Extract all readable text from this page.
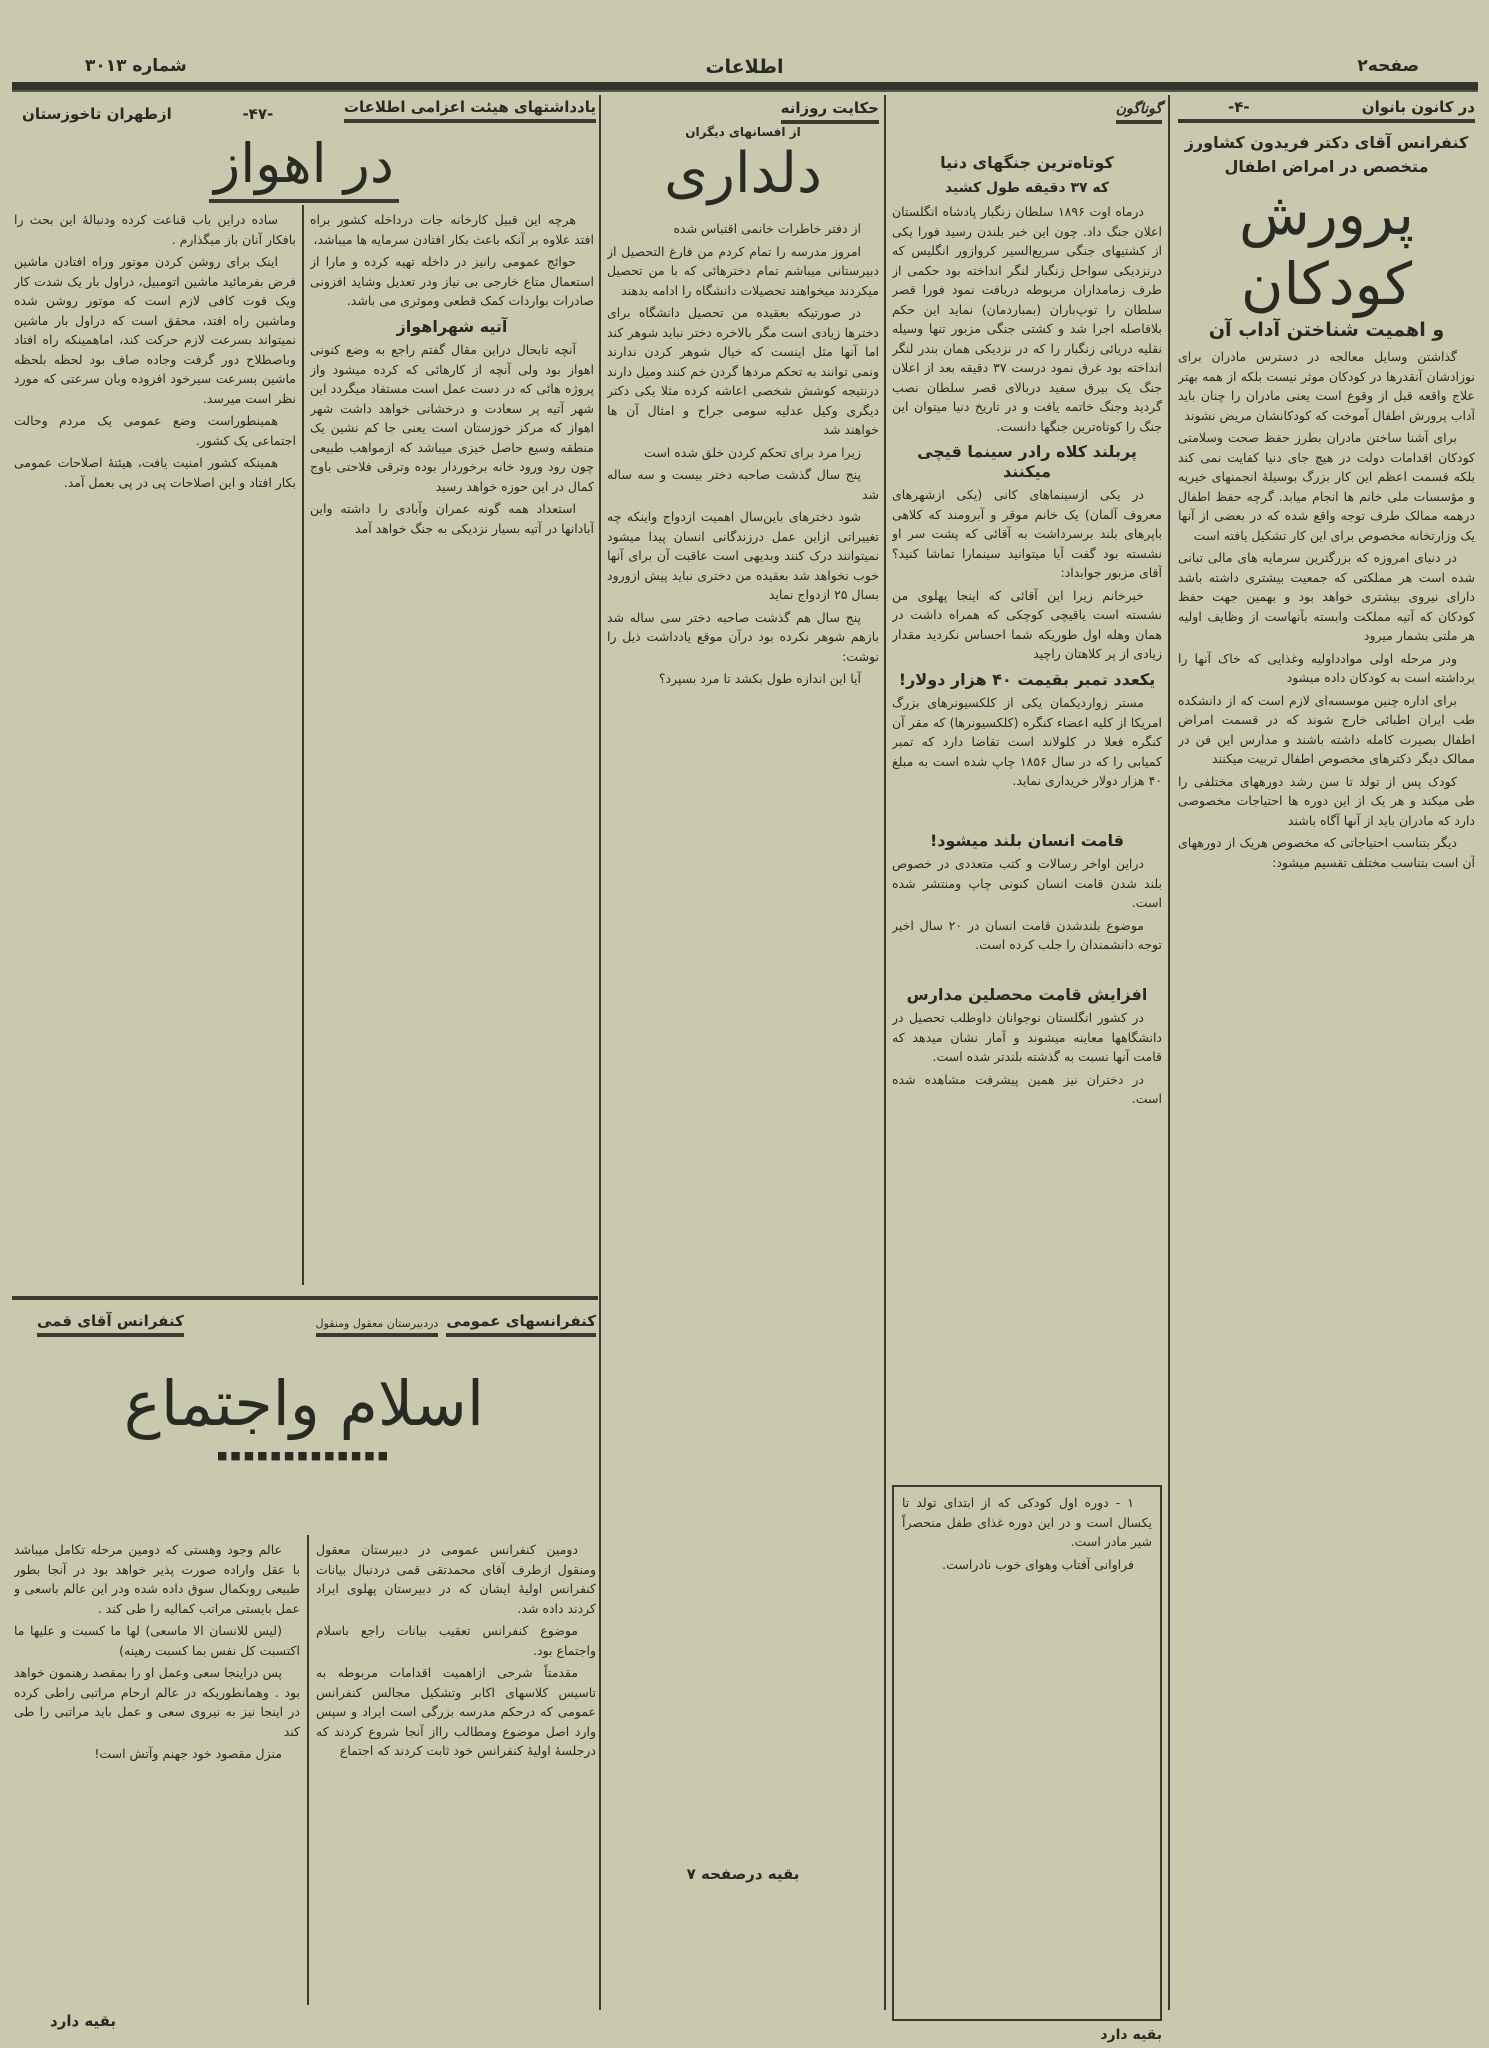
صفحه۲
اطلاعات
شماره ۳۰۱۳
در کانون بانوان
-۴-
کنفرانس آقای دکتر فریدون کشاورز متخصص در امراض اطفال
پرورش کودکان
و اهمیت شناختن آداب آن

گذاشتن وسایل معالجه در دسترس مادران برای نوزادشان آنقدرها در کودکان موثر نیست بلکه از همه بهتر علاج واقعه قبل از وقوع است یعنی مادران را چنان باید آداب پرورش اطفال آموخت که کودکانشان مریض نشوند

برای آشنا ساختن مادران بطرز حفظ صحت وسلامتی کودکان اقدامات دولت در هیچ جای دنیا کفایت نمی کند بلکه قسمت اعظم این کار بزرگ بوسیلهٔ انجمنهای خیریه و مؤسسات ملی خانم ها انجام میابد. گرچه حفظ اطفال درهمه ممالک طرف توجه واقع شده که در بعضی از آنها یک وزارتخانه مخصوص برای این کار تشکیل یافته است

در دنیای امروزه که بزرگترین سرمایه های مالی تبانی شده است هر مملکتی که جمعیت بیشتری داشته باشد دارای نیروی بیشتری خواهد بود و بهمین جهت حفظ کودکان که آتیه مملکت وابسته بآنهاست از وظایف اولیه هر ملتی بشمار میرود

ودر مرحله اولی موادداولیه وغذایی که خاک آنها را برداشته است به کودکان داده میشود

برای اداره چنین موسسه‌ای لازم است که از دانشکده طب ایران اطبائی خارج شوند که در قسمت امراض اطفال بصیرت کامله داشته باشند و مدارس این فن در ممالک دیگر دکترهای مخصوص اطفال تربیت میکنند

کودک پس از تولد تا سن رشد دورههای مختلفی را طی میکند و هر یک از این دوره ها احتیاجات مخصوصی دارد که مادران باید از آنها آگاه باشند

دیگر بتناسب احتیاجاتی که مخصوص هریک از دورههای آن است بتناسب مختلف تقسیم میشود:

گوناگون
کوتاه‌ترین جنگهای دنیا
که ۳۷ دقیقه طول کشید

درماه اوت ۱۸۹۶ سلطان زنگبار پادشاه انگلستان اعلان جنگ داد. چون این خبر بلندن رسید فورا یکی از کشتیهای جنگی سریع‌السیر کروازور انگلیس که درنزدیکی سواحل زنگبار لنگر انداخته بود حکمی از طرف زمامداران مربوطه دریافت نمود فورا قصر سلطان را توپ‌باران (بمباردمان) نماید این حکم بلافاصله اجرا شد و کشتی جنگی مزبور تنها وسیله نقلیه دریائی زنگبار را که در نزدیکی همان بندر لنگر انداخته بود غرق نمود درست ۳۷ دقیقه بعد از اعلان جنگ یک بیرق سفید دربالای قصر سلطان نصب گردید وجنگ خاتمه یافت و در تاریخ دنیا میتوان این جنگ را کوتاه‌ترین جنگها دانست.

پربلند کلاه رادر سینما قیچی میکنند

در یکی ازسینماهای کانی (یکی ازشهرهای معروف آلمان) یک خانم موقر و آبرومند که کلاهی باپرهای بلند برسرداشت به آقائی که پشت سر او نشسته بود گفت آیا میتوانید سینمارا تماشا کنید؟ آقای مزبور جوابداد:

خیرخانم زیرا این آقائی که اینجا پهلوی من نشسته است یاقیچی کوچکی که همراه داشت در همان وهله اول طوریکه شما احساس نکردید مقدار زیادی از پر کلاهتان راچید

یکعدد تمبر بقیمت ۴۰ هزار دولار!

مستر زواردیکمان یکی از کلکسیونرهای بزرگ امریکا از کلیه اعضاء کنگره (کلکسیونرها) که مقر آن کنگره فعلا در کلولاند است تقاضا دارد که تمبر کمیابی را که در سال ۱۸۵۶ چاپ شده است به مبلغ ۴۰ هزار دولار خریداری نماید.

قامت انسان بلند میشود!

دراین اواخر رسالات و کتب متعددی در خصوص بلند شدن قامت انسان کنونی چاپ ومنتشر شده است.

موضوع بلندشدن قامت انسان در ۲۰ سال اخیر توجه دانشمندان را جلب کرده است.

افزایش قامت محصلین مدارس

در کشور انگلستان نوجوانان داوطلب تحصیل در دانشگاهها معاینه میشوند و آمار نشان میدهد که قامت آنها نسبت به گذشته بلندتر شده است.

در دختران نیز همین پیشرفت مشاهده شده است.

۱ - دوره اول کودکی که از ابتدای تولد تا یکسال است و در این دوره غذای طفل منحصراً شیر مادر است.

فراوانی آفتاب وهوای خوب نادراست.

بقیه دارد
حکایت روزانه
از افسانهای دیگران
دلداری

از دفتر خاطرات خانمی اقتباس شده

امروز مدرسه را تمام کردم من فارغ التحصیل از دبیرستانی میباشم تمام دخترهائی که با من تحصیل میکردند میخواهند تحصیلات دانشگاه را ادامه بدهند

در صورتیکه بعقیده من تحصیل دانشگاه برای دخترها زیادی است مگر بالاخره دختر نباید شوهر کند اما آنها مثل اینست که خیال شوهر کردن ندارند ونمی توانند به تحکم مردها گردن خم کنند ومیل دارند درنتیجه کوشش شخصی اعاشه کرده مثلا یکی دکتر دیگری وکیل عدلیه سومی جراح و امثال آن ها خواهند شد

زیرا مرد برای تحکم کردن خلق شده است

پنج سال گذشت صاحبه دختر بیست و سه ساله شد

شود دخترهای باین‌سال اهمیت ازدواج واینکه چه تغییراتی ازاین عمل درزندگانی انسان پیدا میشود نمیتوانند درک کنند وبدیهی است عاقبت آن برای آنها خوب نخواهد شد بعقیده من دختری نباید پیش ازورود بسال ۲۵ ازدواج نماید

پنج سال هم گذشت صاحبه دختر سی ساله شد بازهم شوهر نکرده بود درآن موقع یادداشت ذیل را نوشت:

آیا این اندازه طول بکشد تا مرد بسپرد؟

بقیه درصفحه ۷
یادداشتهای هیئت اعزامی اطلاعات
-۴۷-
ازطهران تاخوزستان
در اهواز

هرچه این قبیل کارخانه جات درداخله کشور براه افتد علاوه بر آنکه باعث بکار افتادن سرمایه ها میباشد،

حوائج عمومی رانیز در داخله تهیه کرده و مارا از استعمال متاع خارجی بی نیاز ودر تعدیل وشاید افزونی صادرات بواردات کمک قطعی وموثری می باشد.

آتیه شهراهواز

آنچه تابحال دراین مقال گفتم راجع به وضع کنونی اهواز بود ولی آنچه از کارهائی که کرده میشود واز پروژه هائی که در دست عمل است مستفاد میگردد این شهر آتیه پر سعادت و درخشانی خواهد داشت شهر اهواز که مرکز خوزستان است یعنی جا کم نشین یک منطقه وسیع حاصل خیزی میباشد که ازمواهب طبیعی چون رود ورود خانه برخوردار بوده وترقی فلاحتی باوج کمال در این حوزه خواهد رسید

استعداد همه گونه عمران وآبادی را داشته واین آبادانها در آتیه بسیار نزدیکی به جنگ خواهد آمد

ساده دراین باب قناعت کرده ودنبالهٔ این بحث را بافکار آنان باز میگذارم .

اینک برای روشن کردن موتور وراه افتادن ماشین فرض بفرمائید ماشین اتومبیل، دراول بار یک شدت کار ویک قوت کافی لازم است که موتور روشن شده وماشین راه افتد، محقق است که دراول بار ماشین نمیتواند بسرعت لازم حرکت کند، اماهمینکه راه افتاد وباصطلاح دور گرفت وجاده صاف بود لحظه بلحظه ماشین بسرعت سیرخود افزوده وبان سرعتی که مورد نظر است میرسد.

همینطوراست وضع عمومی یک مردم وحالت اجتماعی یک کشور.

همینکه کشور امنیت یافت، هیئتهٔ اصلاحات عمومی بکار افتاد و این اصلاحات پی در پی بعمل آمد.

کنفرانسهای عمومی
دردبیرستان معقول ومنقول
کنفرانس آقای قمی
اسلام واجتماع
■■■■■■■■■■■■■

دومین کنفرانس عمومی در دبیرستان معقول ومنقول ازطرف آقای محمدتقی قمی دردنبال بیانات کنفرانس اولیهٔ ایشان که در دبیرستان پهلوی ایراد کردند داده شد.

موضوع کنفرانس تعقیب بیانات راجع باسلام واجتماع بود.

مقدمتاً شرحی ازاهمیت اقدامات مربوطه به تاسیس کلاسهای اکابر وتشکیل مجالس کنفرانس عمومی که درحکم مدرسه بزرگی است ایراد و سپس وارد اصل موضوع ومطالب رااز آنجا شروع کردند که درجلسهٔ اولیهٔ کنفرانس خود ثابت کردند که اجتماع

عالم وجود وهستی که دومین مرحله تکامل میباشد با عقل واراده صورت پذیر خواهد بود در آنجا بطور طبیعی روبکمال سوق داده شده ودر این عالم باسعی و عمل بایستی مراتب کمالیه را طی کند .

(لیس للانسان الا ماسعی) لها ما کسبت و علیها ما اکتسبت کل نفس بما کسبت رهینه)

پس دراینجا سعی وعمل او را بمقصد رهنمون خواهد بود . وهمانطوریکه در عالم ارحام مراتبی راطی کرده در اینجا نیز به نیروی سعی و عمل باید مراتبی را طی کند

منزل مقصود خود جهنم وآتش است!

بقیه دارد
